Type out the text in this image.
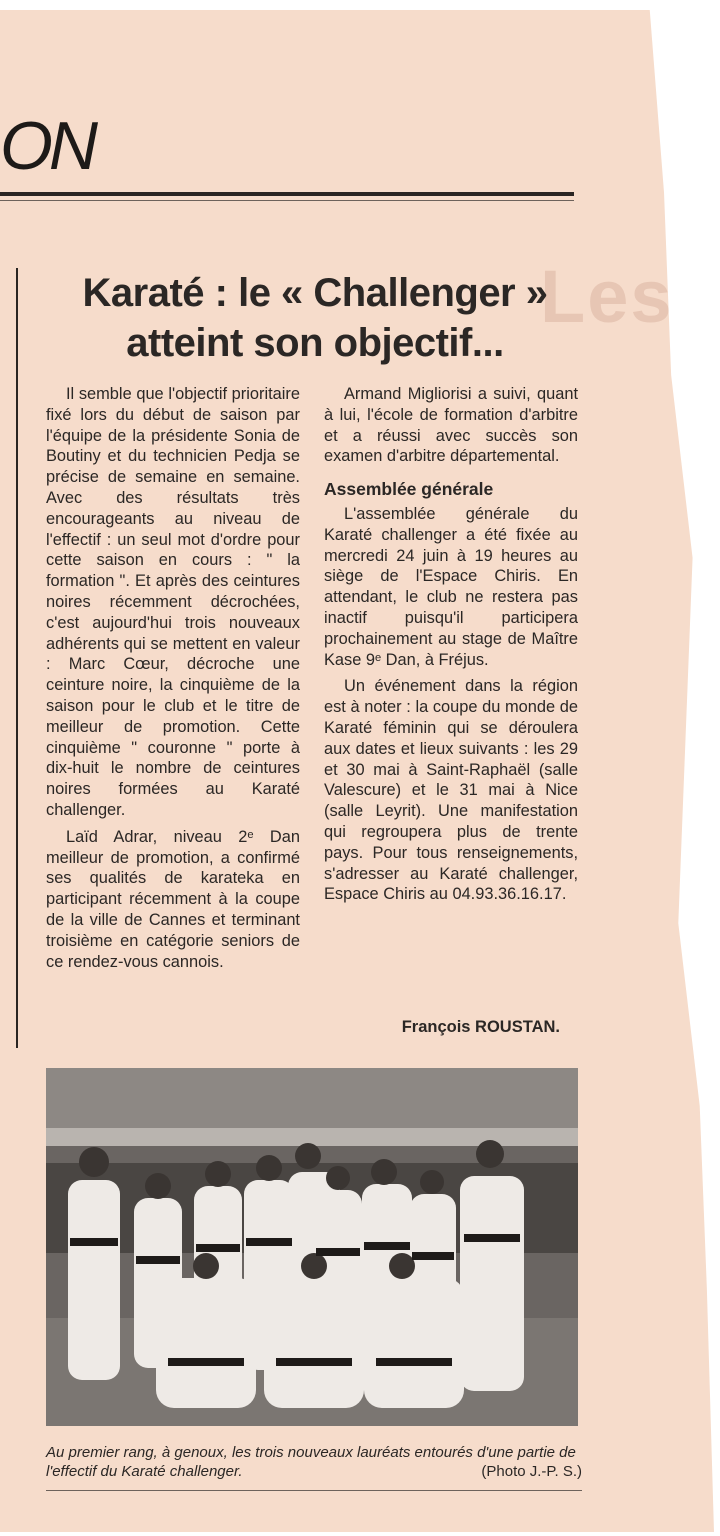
ON
Les
Karaté : le « Challenger »
atteint son objectif...

Il semble que l'objectif prioritaire fixé lors du début de saison par l'équipe de la présidente Sonia de Boutiny et du technicien Pedja se précise de semaine en semaine. Avec des résultats très encourageants au niveau de l'effectif : un seul mot d'ordre pour cette saison en cours : " la formation ". Et après des ceintures noires récemment décrochées, c'est aujourd'hui trois nouveaux adhérents qui se mettent en valeur : Marc Cœur, décroche une ceinture noire, la cinquième de la saison pour le club et le titre de meilleur de promotion. Cette cinquième " couronne " porte à dix-huit le nombre de ceintures noires formées au Karaté challenger.

Laïd Adrar, niveau 2ᵉ Dan meilleur de promotion, a confirmé ses qualités de karateka en participant récemment à la coupe de la ville de Cannes et terminant troisième en catégorie seniors de ce rendez-vous cannois.

Armand Migliorisi a suivi, quant à lui, l'école de formation d'arbitre et a réussi avec succès son examen d'arbitre départemental.

Assemblée générale

L'assemblée générale du Karaté challenger a été fixée au mercredi 24 juin à 19 heures au siège de l'Espace Chiris. En attendant, le club ne restera pas inactif puisqu'il participera prochainement au stage de Maître Kase 9ᵉ Dan, à Fréjus.

Un événement dans la région est à noter : la coupe du monde de Karaté féminin qui se déroulera aux dates et lieux suivants : les 29 et 30 mai à Saint-Raphaël (salle Valescure) et le 31 mai à Nice (salle Leyrit). Une manifestation qui regroupera plus de trente pays. Pour tous renseignements, s'adresser au Karaté challenger, Espace Chiris au 04.93.36.16.17.

François ROUSTAN.

Au premier rang, à genoux, les trois nouveaux lauréats entourés d'une partie de l'effectif du Karaté challenger.	(Photo J.-P. S.)
